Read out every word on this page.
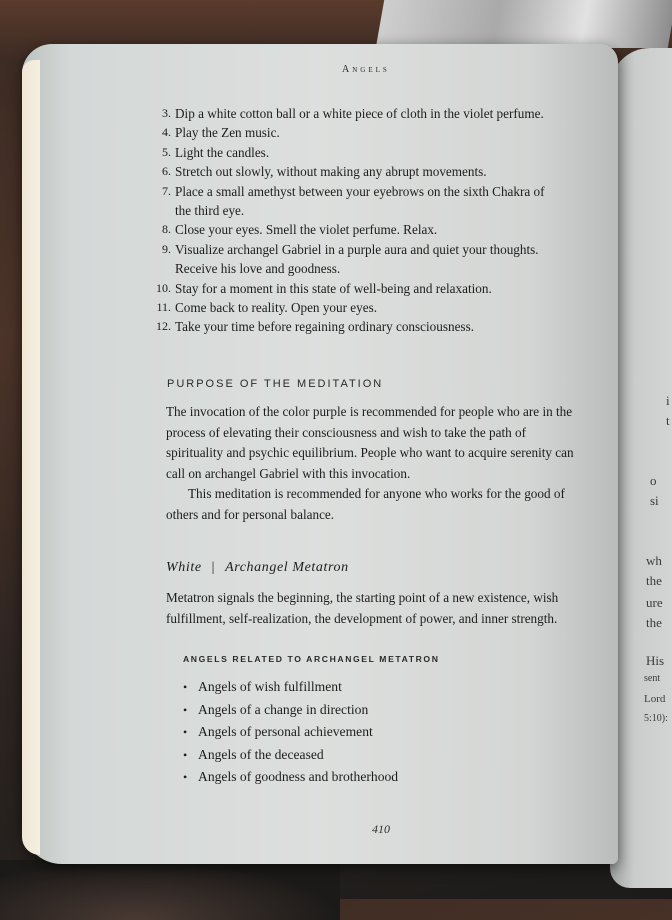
i
t
o
si
wh
the
ure
the
His
sent
Lord
5:10):
Angels
3. Dip a white cotton ball or a white piece of cloth in the violet perfume.
4. Play the Zen music.
5. Light the candles.
6. Stretch out slowly, without making any abrupt movements.
7. Place a small amethyst between your eyebrows on the sixth Chakra of
the third eye.
8. Close your eyes. Smell the violet perfume. Relax.
9. Visualize archangel Gabriel in a purple aura and quiet your thoughts.
Receive his love and goodness.
10. Stay for a moment in this state of well-being and relaxation.
11. Come back to reality. Open your eyes.
12. Take your time before regaining ordinary consciousness.
PURPOSE OF THE MEDITATION

The invocation of the color purple is recommended for people who are in the process of elevating their consciousness and wish to take the path of spirituality and psychic equilibrium. People who want to acquire serenity can call on archangel Gabriel with this invocation.

This meditation is recommended for anyone who works for the good of others and for personal balance.

White | Archangel Metatron

Metatron signals the beginning, the starting point of a new existence, wish fulfillment, self-realization, the development of power, and inner strength.

ANGELS RELATED TO ARCHANGEL METATRON
• Angels of wish fulfillment
• Angels of a change in direction
• Angels of personal achievement
• Angels of the deceased
• Angels of goodness and brotherhood
410
